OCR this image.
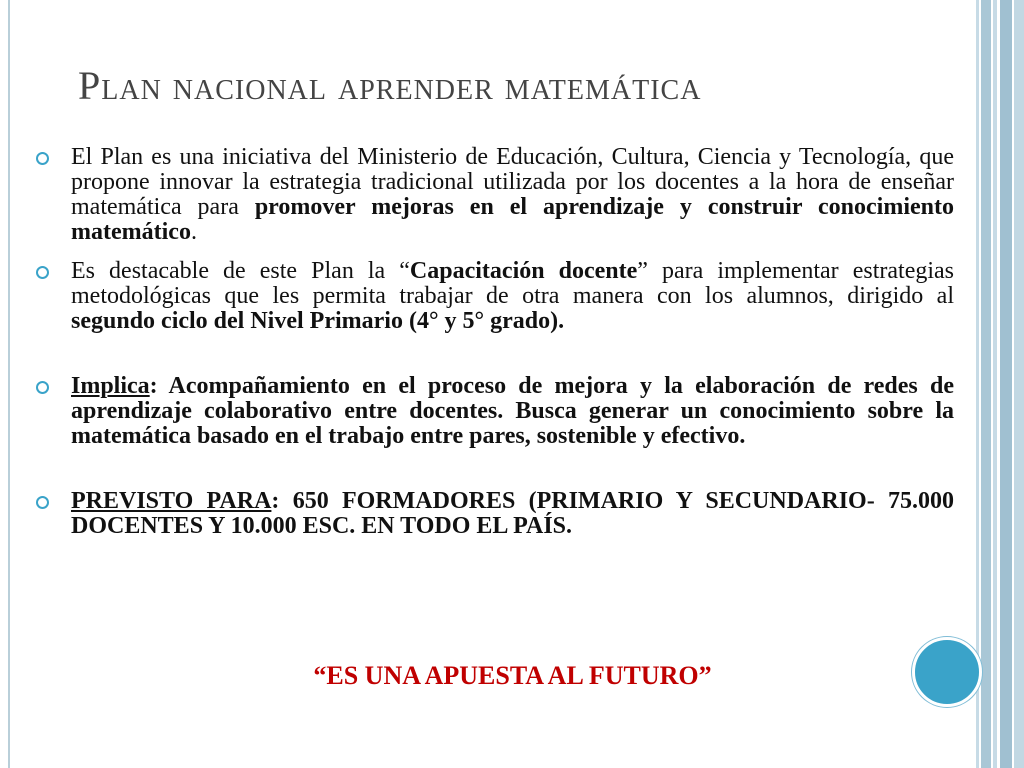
Plan nacional aprender matemática
El Plan es una iniciativa del Ministerio de Educación, Cultura, Ciencia y Tecnología, que propone innovar la estrategia tradicional utilizada por los docentes a la hora de enseñar matemática para promover mejoras en el aprendizaje y construir conocimiento matemático.
Es destacable de este Plan la “Capacitación docente” para implementar estrategias metodológicas que les permita trabajar de otra manera con los alumnos, dirigido al segundo ciclo del Nivel Primario (4° y 5° grado).
Implica: Acompañamiento en el proceso de mejora y la elaboración de redes de aprendizaje colaborativo entre docentes. Busca generar un conocimiento sobre la matemática basado en el trabajo entre pares, sostenible y efectivo.
PREVISTO PARA: 650 FORMADORES (PRIMARIO Y SECUNDARIO- 75.000 DOCENTES Y 10.000 ESC. EN TODO EL PAÍS.

“ES UNA APUESTA AL FUTURO”
